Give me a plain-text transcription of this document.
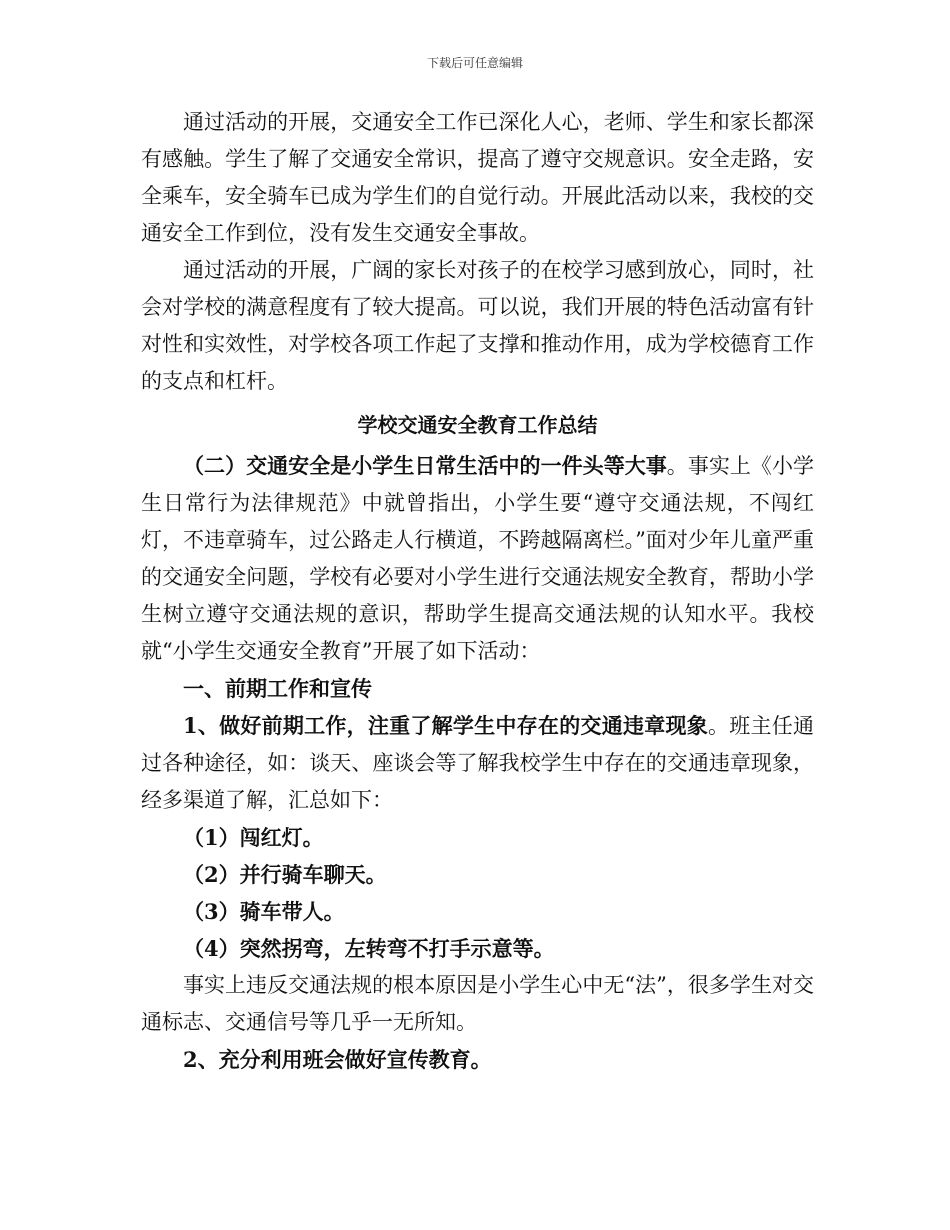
下载后可任意编辑

通过活动的开展，交通安全工作已深化人心，老师、学生和家长都深有感触。学生了解了交通安全常识，提高了遵守交规意识。安全走路，安全乘车，安全骑车已成为学生们的自觉行动。开展此活动以来，我校的交通安全工作到位，没有发生交通安全事故。

通过活动的开展，广阔的家长对孩子的在校学习感到放心，同时，社会对学校的满意程度有了较大提高。可以说，我们开展的特色活动富有针对性和实效性，对学校各项工作起了支撑和推动作用，成为学校德育工作的支点和杠杆。

学校交通安全教育工作总结

（二）交通安全是小学生日常生活中的一件头等大事。事实上《小学生日常行为法律规范》中就曾指出，小学生要“遵守交通法规，不闯红灯，不违章骑车，过公路走人行横道，不跨越隔离栏。”面对少年儿童严重的交通安全问题，学校有必要对小学生进行交通法规安全教育，帮助小学生树立遵守交通法规的意识，帮助学生提高交通法规的认知水平。我校就“小学生交通安全教育”开展了如下活动：

一、前期工作和宣传

1、做好前期工作，注重了解学生中存在的交通违章现象。班主任通过各种途径，如：谈天、座谈会等了解我校学生中存在的交通违章现象，经多渠道了解，汇总如下：

（1）闯红灯。

（2）并行骑车聊天。

（3）骑车带人。

（4）突然拐弯，左转弯不打手示意等。

事实上违反交通法规的根本原因是小学生心中无“法”，很多学生对交通标志、交通信号等几乎一无所知。

2、充分利用班会做好宣传教育。
